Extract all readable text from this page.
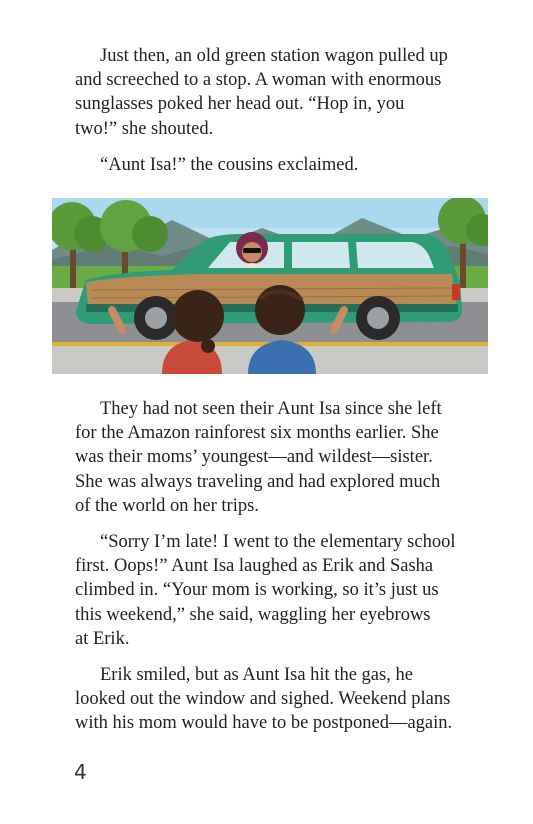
Just then, an old green station wagon pulled up
and screeched to a stop. A woman with enormous
sunglasses poked her head out. “Hop in, you
two!” she shouted.

“Aunt Isa!” the cousins exclaimed.

They had not seen their Aunt Isa since she left
for the Amazon rainforest six months earlier. She
was their moms’ youngest—and wildest—sister.
She was always traveling and had explored much
of the world on her trips.

“Sorry I’m late! I went to the elementary school
first. Oops!” Aunt Isa laughed as Erik and Sasha
climbed in. “Your mom is working, so it’s just us
this weekend,” she said, waggling her eyebrows
at Erik.

Erik smiled, but as Aunt Isa hit the gas, he
looked out the window and sighed. Weekend plans
with his mom would have to be postponed—again.

4
